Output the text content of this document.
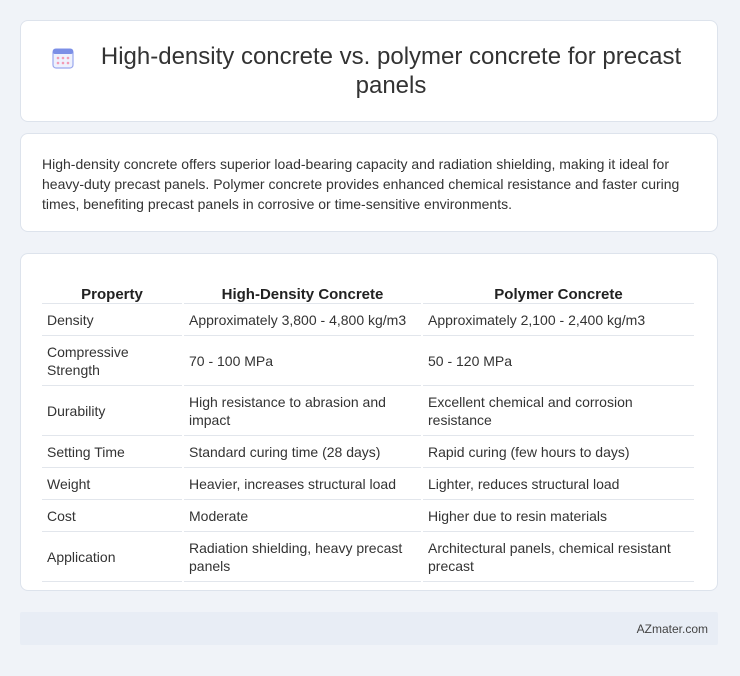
High-density concrete vs. polymer concrete for precast panels
High-density concrete offers superior load-bearing capacity and radiation shielding, making it ideal for heavy-duty precast panels. Polymer concrete provides enhanced chemical resistance and faster curing times, benefiting precast panels in corrosive or time-sensitive environments.
Property	High-Density Concrete	Polymer Concrete
Density	Approximately 3,800 - 4,800 kg/m3	Approximately 2,100 - 2,400 kg/m3
Compressive Strength	70 - 100 MPa	50 - 120 MPa
Durability	High resistance to abrasion and impact	Excellent chemical and corrosion resistance
Setting Time	Standard curing time (28 days)	Rapid curing (few hours to days)
Weight	Heavier, increases structural load	Lighter, reduces structural load
Cost	Moderate	Higher due to resin materials
Application	Radiation shielding, heavy precast panels	Architectural panels, chemical resistant precast
AZmater.com
